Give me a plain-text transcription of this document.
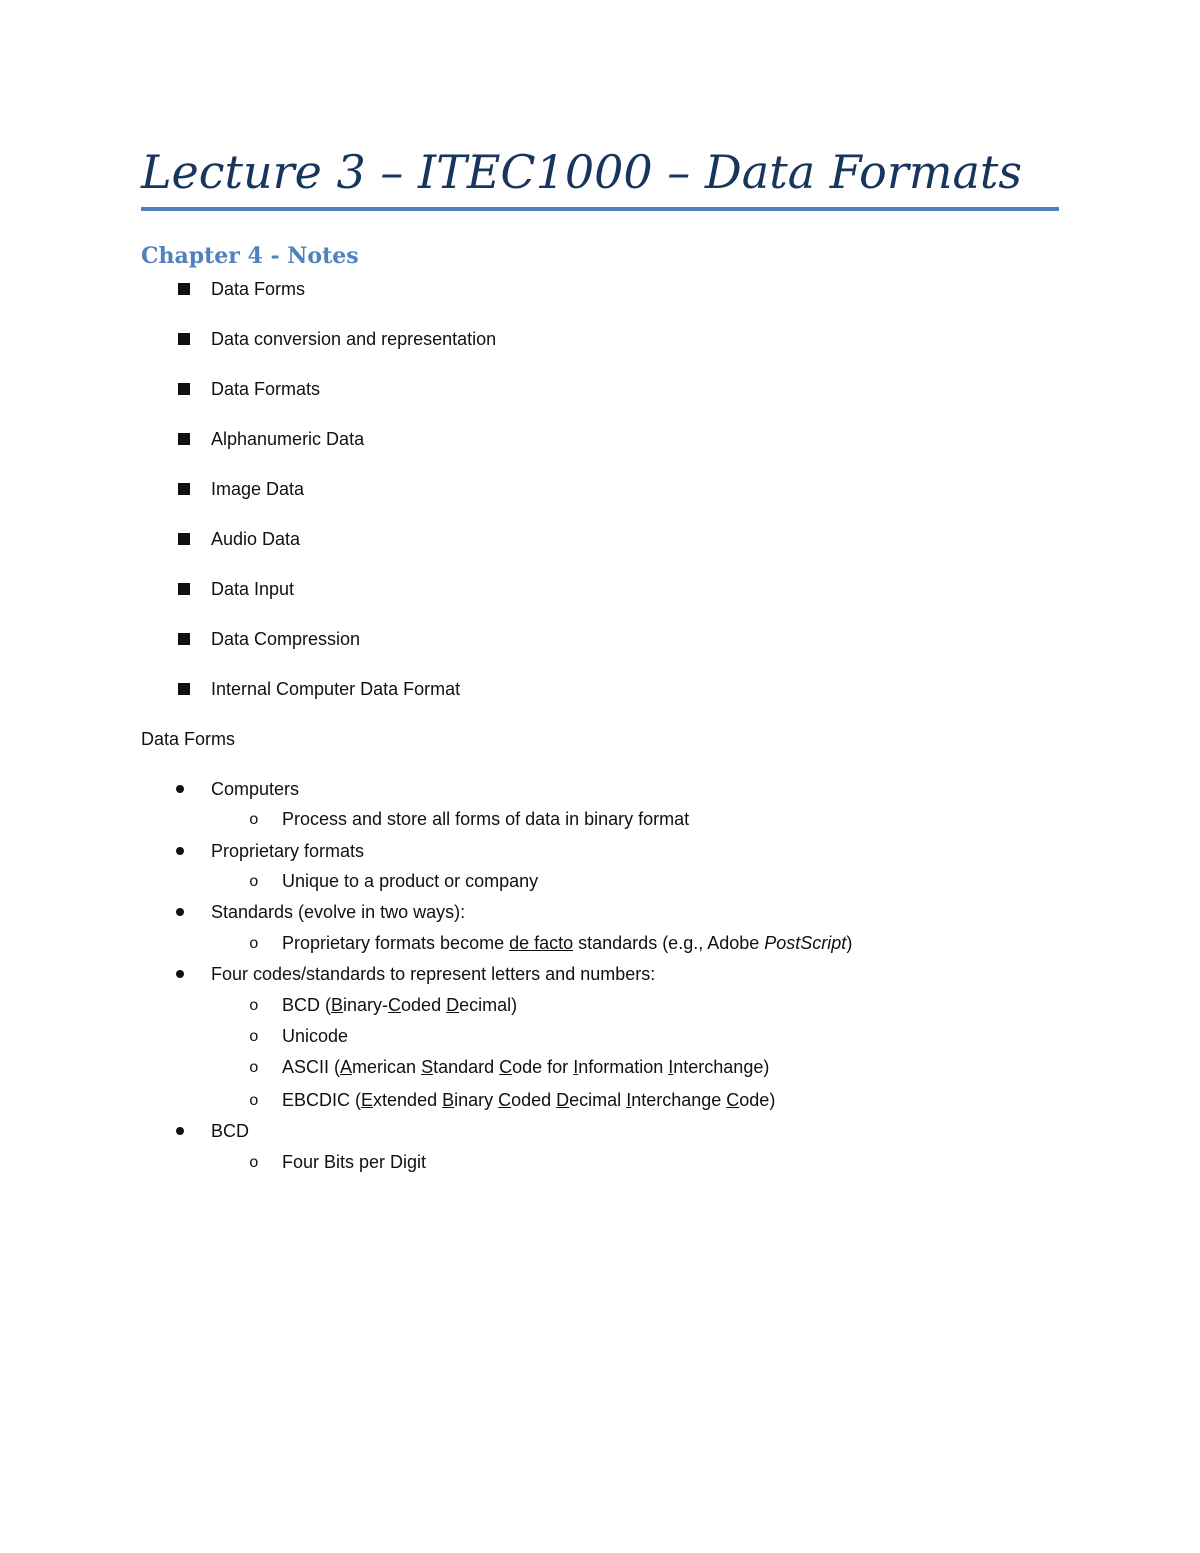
Lecture 3 – ITEC1000 – Data Formats
Chapter 4 - Notes
Data Forms
Data conversion and representation
Data Formats
Alphanumeric Data
Image Data
Audio Data
Data Input
Data Compression
Internal Computer Data Format
Data Forms
Computers
o Process and store all forms of data in binary format
Proprietary formats
o Unique to a product or company
Standards (evolve in two ways):
o Proprietary formats become de facto standards (e.g., Adobe PostScript)
Four codes/standards to represent letters and numbers:
o BCD (Binary-Coded Decimal)
o Unicode
o ASCII (American Standard Code for Information Interchange)
o EBCDIC (Extended Binary Coded Decimal Interchange Code)
BCD
o Four Bits per Digit
